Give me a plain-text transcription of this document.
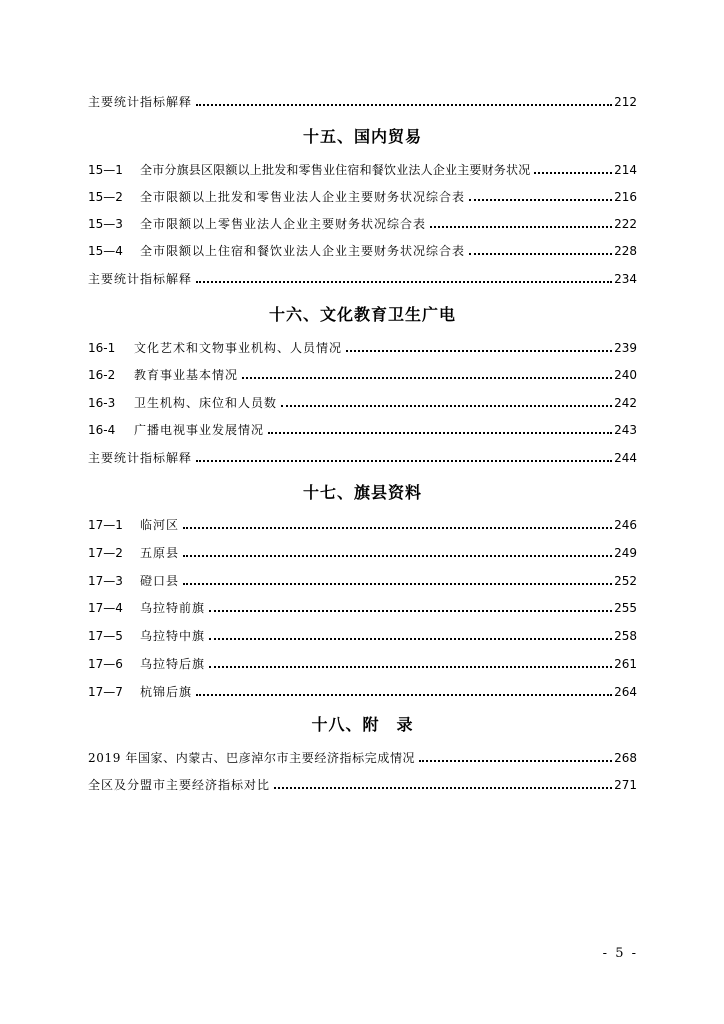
主要统计指标解释	212
十五、国内贸易
15—1	全市分旗县区限额以上批发和零售业住宿和餐饮业法人企业主要财务状况	214
15—2	全市限额以上批发和零售业法人企业主要财务状况综合表	216
15—3	全市限额以上零售业法人企业主要财务状况综合表	222
15—4	全市限额以上住宿和餐饮业法人企业主要财务状况综合表	228
主要统计指标解释	234
十六、文化教育卫生广电
16-1	文化艺术和文物事业机构、人员情况	239
16-2	教育事业基本情况	240
16-3	卫生机构、床位和人员数	242
16-4	广播电视事业发展情况	243
主要统计指标解释	244
十七、旗县资料
17—1	临河区	246
17—2	五原县	249
17—3	磴口县	252
17—4	乌拉特前旗	255
17—5	乌拉特中旗	258
17—6	乌拉特后旗	261
17—7	杭锦后旗	264
十八、附　录
2019 年国家、内蒙古、巴彦淖尔市主要经济指标完成情况	268
全区及分盟市主要经济指标对比	271
- 5 -
